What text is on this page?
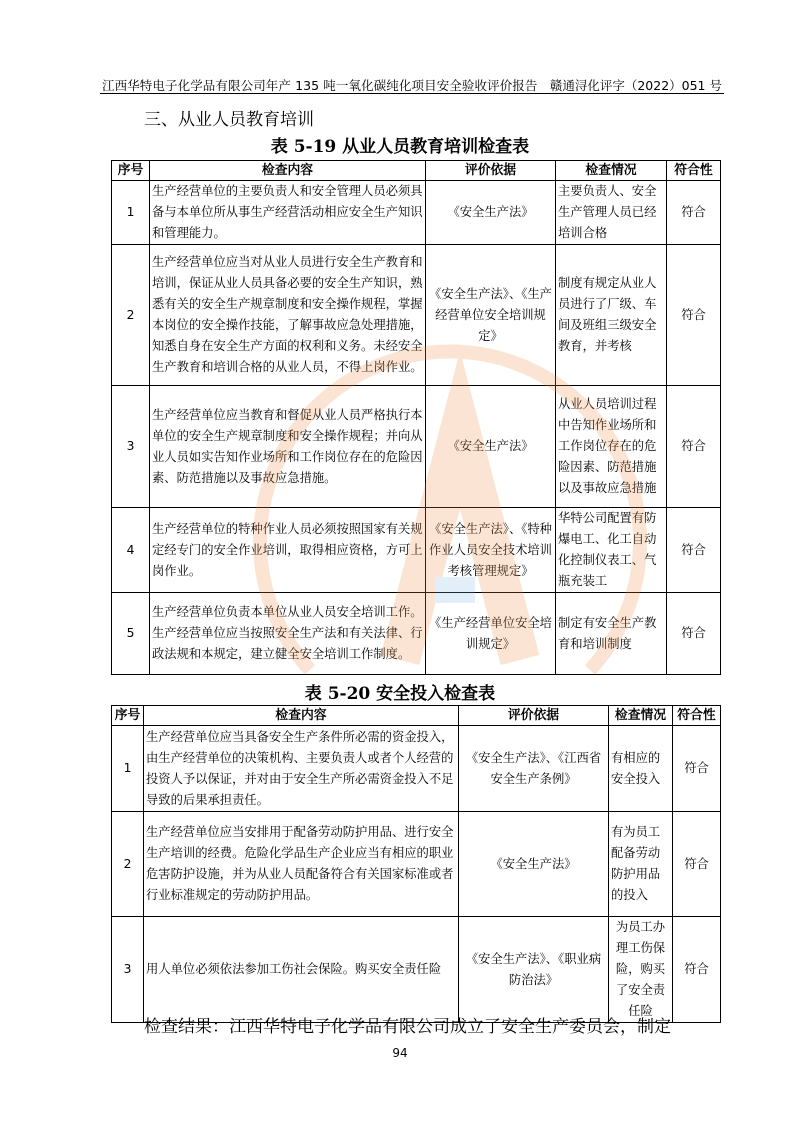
江西华特电子化学品有限公司年产 135 吨一氧化碳纯化项目安全验收评价报告 赣通浔化评字（2022）051 号
三、从业人员教育培训
表 5-19 从业人员教育培训检查表
序号	检查内容	评价依据	检查情况	符合性
1	生产经营单位的主要负责人和安全管理人员必须具备与本单位所从事生产经营活动相应安全生产知识和管理能力。	《安全生产法》	主要负责人、安全生产管理人员已经培训合格	符合
2	生产经营单位应当对从业人员进行安全生产教育和培训，保证从业人员具备必要的安全生产知识，熟悉有关的安全生产规章制度和安全操作规程，掌握本岗位的安全操作技能，了解事故应急处理措施，知悉自身在安全生产方面的权利和义务。未经安全生产教育和培训合格的从业人员，不得上岗作业。	《安全生产法》、《生产经营单位安全培训规定》	制度有规定从业人员进行了厂级、车间及班组三级安全教育，并考核	符合
3	生产经营单位应当教育和督促从业人员严格执行本单位的安全生产规章制度和安全操作规程；并向从业人员如实告知作业场所和工作岗位存在的危险因素、防范措施以及事故应急措施。	《安全生产法》	从业人员培训过程中告知作业场所和工作岗位存在的危险因素、防范措施以及事故应急措施	符合
4	生产经营单位的特种作业人员必须按照国家有关规定经专门的安全作业培训，取得相应资格，方可上岗作业。	《安全生产法》、《特种作业人员安全技术培训考核管理规定》	华特公司配置有防爆电工、化工自动化控制仪表工、气瓶充装工	符合
5	生产经营单位负责本单位从业人员安全培训工作。生产经营单位应当按照安全生产法和有关法律、行政法规和本规定，建立健全安全培训工作制度。	《生产经营单位安全培训规定》	制定有安全生产教育和培训制度	符合
表 5-20 安全投入检查表
序号	检查内容	评价依据	检查情况	符合性
1	生产经营单位应当具备安全生产条件所必需的资金投入，由生产经营单位的决策机构、主要负责人或者个人经营的投资人予以保证，并对由于安全生产所必需资金投入不足导致的后果承担责任。	《安全生产法》、《江西省安全生产条例》	有相应的安全投入	符合
2	生产经营单位应当安排用于配备劳动防护用品、进行安全生产培训的经费。危险化学品生产企业应当有相应的职业危害防护设施，并为从业人员配备符合有关国家标准或者行业标准规定的劳动防护用品。	《安全生产法》	有为员工配备劳动防护用品的投入	符合
3	用人单位必须依法参加工伤社会保险。购买安全责任险	《安全生产法》、《职业病防治法》	为员工办理工伤保险，购买了安全责任险	符合
检查结果：江西华特电子化学品有限公司成立了安全生产委员会，制定
94
